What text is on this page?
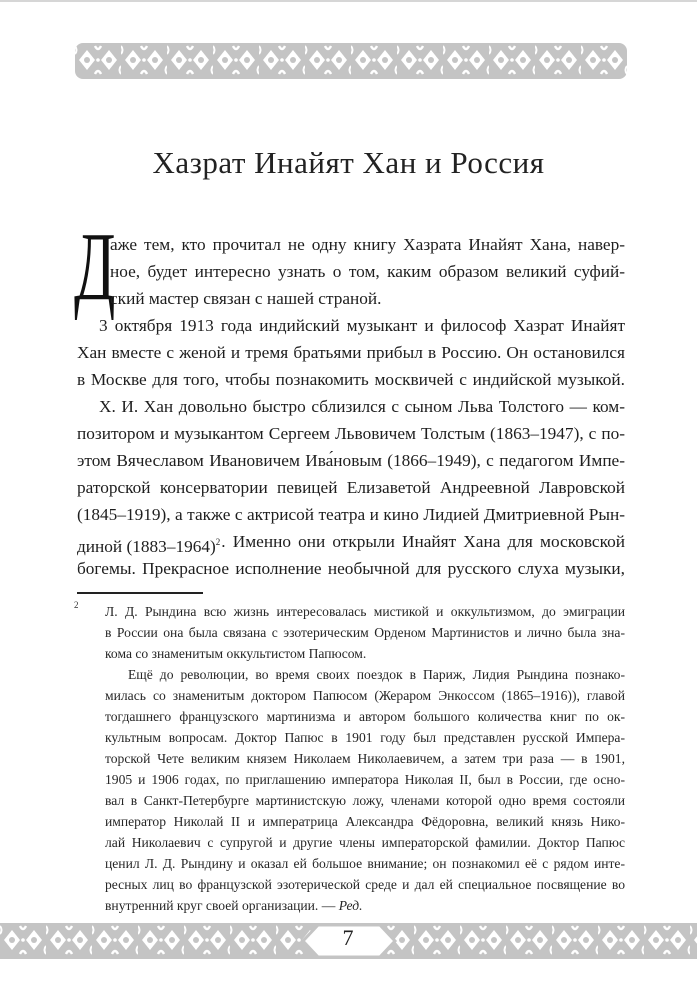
Хазрат Инайят Хан и Россия
Д
аже тем, кто прочитал не одну книгу Хазрата Инайят Хана, навер-
ное, будет интересно узнать о том, каким образом великий суфий-
ский мастер связан с нашей страной.
3 октября 1913 года индийский музыкант и философ Хазрат Инайят
Хан вместе с женой и тремя братьями прибыл в Россию. Он остановился
в Москве для того, чтобы познакомить москвичей с индийской музыкой.
Х. И. Хан довольно быстро сблизился с сыном Льва Толстого — ком-
позитором и музыкантом Сергеем Львовичем Толстым (1863–1947), с по-
этом Вячеславом Ивановичем Ива́новым (1866–1949), с педагогом Импе-
раторской консерватории певицей Елизаветой Андреевной Лавровской
(1845–1919), а также с актрисой театра и кино Лидией Дмитриевной Рын-
диной (1883–1964)$^2$ . Именно они открыли Инайят Хана для московской
богемы. Прекрасное исполнение необычной для русского слуха музыки,
2 Л. Д. Рындина всю жизнь интересовалась мистикой и оккультизмом, до эмиграции
в России она была связана с эзотерическим Орденом Мартинистов и лично была зна-
кома со знаменитым оккультистом Папюсом.
Ещё до революции, во время своих поездок в Париж, Лидия Рындина познако-
милась со знаменитым доктором Папюсом (Жераром Энкоссом (1865–1916)), главой
тогдашнего французского мартинизма и автором большого количества книг по ок-
культным вопросам. Доктор Папюс в 1901 году был представлен русской Импера-
торской Чете великим князем Николаем Николаевичем, а затем три раза — в 1901,
1905 и 1906 годах, по приглашению императора Николая II, был в России, где осно-
вал в Санкт-Петербурге мартинистскую ложу, членами которой одно время состояли
император Николай II и императрица Александра Фёдоровна, великий князь Нико-
лай Николаевич с супругой и другие члены императорской фамилии. Доктор Папюс
ценил Л. Д. Рындину и оказал ей большое внимание; он познакомил её с рядом инте-
ресных лиц во французской эзотерической среде и дал ей специальное посвящение во
внутренний круг своей организации. — Ред.
7
